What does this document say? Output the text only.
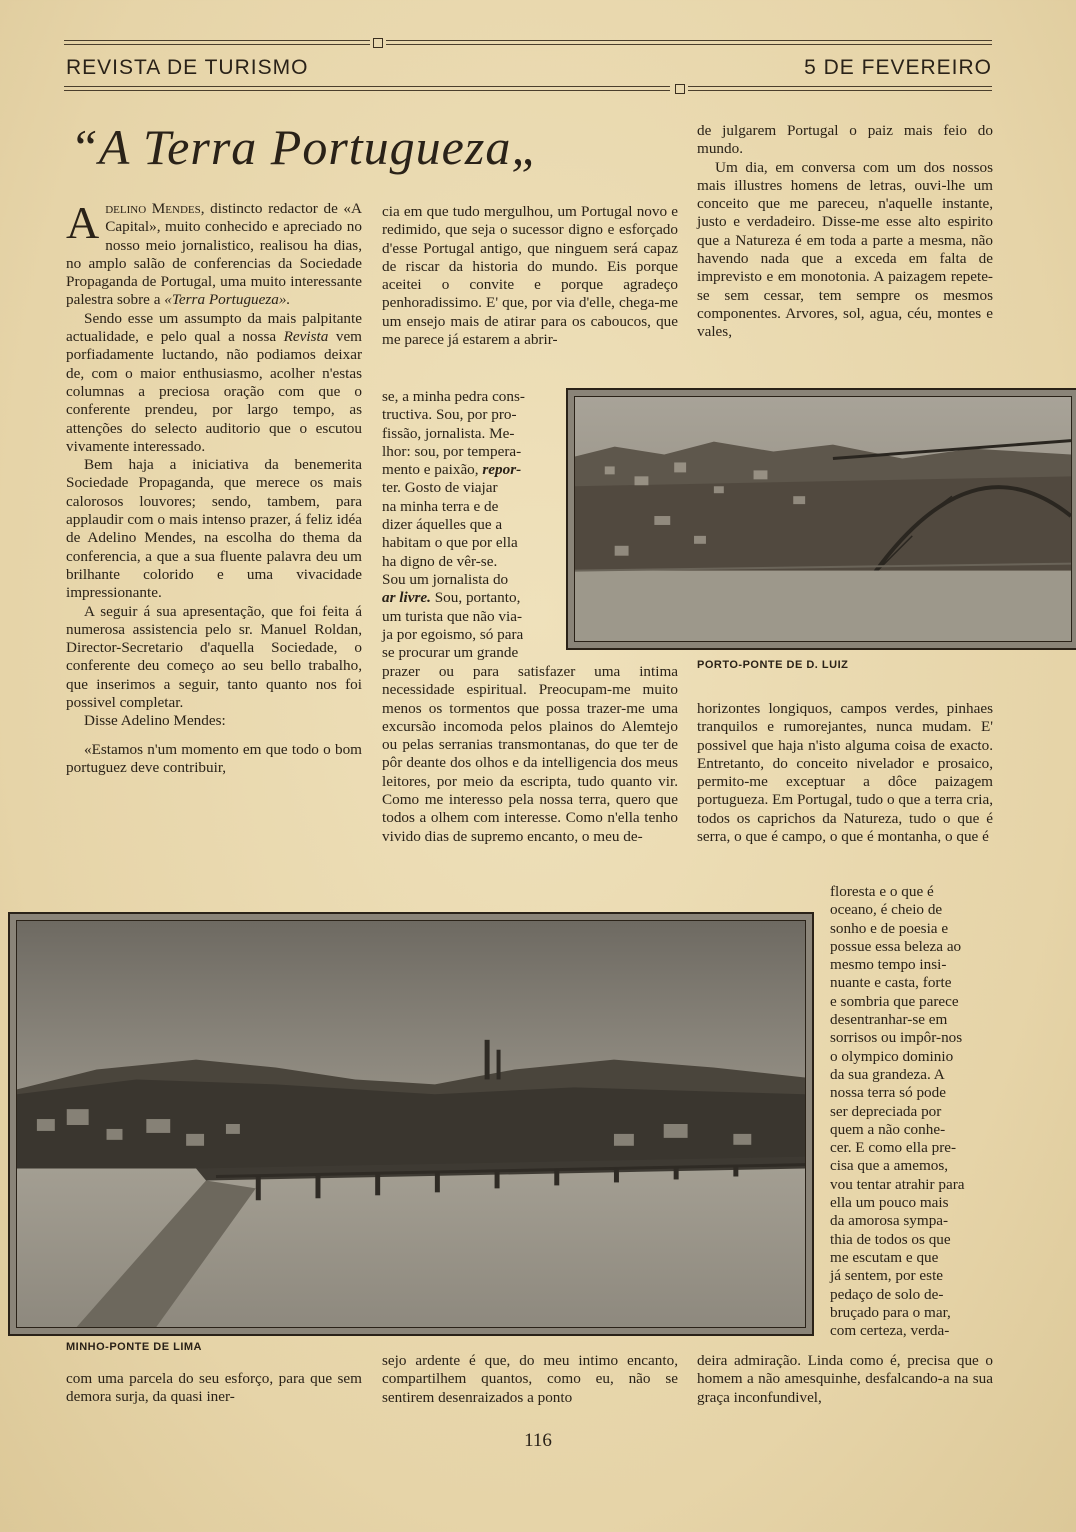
REVISTA DE TURISMO	5 DE FEVEREIRO
“A Terra Portugueza„

Adelino Mendes, distincto redactor de «A Capital», muito conhecido e apreciado no nosso meio jornalistico, realisou ha dias, no amplo salão de conferencias da Sociedade Propaganda de Portugal, uma muito interessante palestra sobre a «Terra Portugueza».

Sendo esse um assumpto da mais palpitante actualidade, e pelo qual a nossa Revista vem porfiadamente luctando, não podiamos deixar de, com o maior enthusiasmo, acolher n'estas columnas a preciosa oração com que o conferente prendeu, por largo tempo, as attenções do selecto auditorio que o escutou vivamente interessado.

Bem haja a iniciativa da benemerita Sociedade Propaganda, que merece os mais calorosos louvores; sendo, tambem, para applaudir com o mais intenso prazer, á feliz idéa de Adelino Mendes, na escolha do thema da conferencia, a que a sua fluente palavra deu um brilhante colorido e uma vivacidade impressionante.

A seguir á sua apresentação, que foi feita á numerosa assistencia pelo sr. Manuel Roldan, Director-Secretario d'aquella Sociedade, o conferente deu começo ao seu bello trabalho, que inserimos a seguir, tanto quanto nos foi possivel completar.

Disse Adelino Mendes:

«Estamos n'um momento em que todo o bom portuguez deve contribuir,

cia em que tudo mergulhou, um Portugal novo e redimido, que seja o sucessor digno e esforçado d'esse Portugal antigo, que ninguem será capaz de riscar da historia do mundo. Eis porque aceitei o convite e porque agradeço penhoradissimo. E' que, por via d'elle, chega-me um ensejo mais de atirar para os caboucos, que me parece já estarem a abrir-
se, a minha pedra cons-
tructiva. Sou, por pro-
fissão, jornalista. Me-
lhor: sou, por tempera-
mento e paixão, repor-
ter. Gosto de viajar
na minha terra e de
dizer áquelles que a
habitam o que por ella
ha digno de vêr-se.
Sou um jornalista do
ar livre. Sou, portanto,
um turista que não via-
ja por egoismo, só para
se procurar um grande
prazer ou para satisfazer uma intima necessidade espiritual. Preocupam-me muito menos os tormentos que possa trazer-me uma excursão incomoda pelos plainos do Alemtejo ou pelas serranias transmontanas, do que ter de pôr deante dos olhos e da intelligencia dos meus leitores, por meio da escripta, tudo quanto vir. Como me interesso pela nossa terra, quero que todos a olhem com interesse. Como n'ella tenho vivido dias de supremo encanto, o meu de-
PORTO-PONTE DE D. LUIZ

de julgarem Portugal o paiz mais feio do mundo.

Um dia, em conversa com um dos nossos mais illustres homens de letras, ouvi-lhe um conceito que me pareceu, n'aquelle instante, justo e verdadeiro. Disse-me esse alto espirito que a Natureza é em toda a parte a mesma, não havendo nada que a exceda em falta de imprevisto e em monotonia. A paizagem repete-se sem cessar, tem sempre os mesmos componentes. Arvores, sol, agua, céu, montes e vales,

horizontes longiquos, campos verdes, pinhaes tranquilos e rumorejantes, nunca mudam. E' possivel que haja n'isto alguma coisa de exacto. Entretanto, do conceito nivelador e prosaico, permito-me exceptuar a dôce paizagem portugueza. Em Portugal, tudo o que a terra cria, todos os caprichos da Natureza, tudo o que é serra, o que é campo, o que é montanha, o que é
floresta e o que é
oceano, é cheio de
sonho e de poesia e
possue essa beleza ao
mesmo tempo insi-
nuante e casta, forte
e sombria que parece
desentranhar-se em
sorrisos ou impôr-nos
o olympico dominio
da sua grandeza. A
nossa terra só pode
ser depreciada por
quem a não conhe-
cer. E como ella pre-
cisa que a amemos,
vou tentar atrahir para
ella um pouco mais
da amorosa sympa-
thia de todos os que
me escutam e que
já sentem, por este
pedaço de solo de-
bruçado para o mar,
com certeza, verda-
MINHO-PONTE DE LIMA
com uma parcela do seu esforço, para que sem demora surja, da quasi iner-
sejo ardente é que, do meu intimo encanto, compartilhem quantos, como eu, não se sentirem desenraizados a ponto
deira admiração. Linda como é, precisa que o homem a não amesquinhe, desfalcando-a na sua graça inconfundivel,
116
